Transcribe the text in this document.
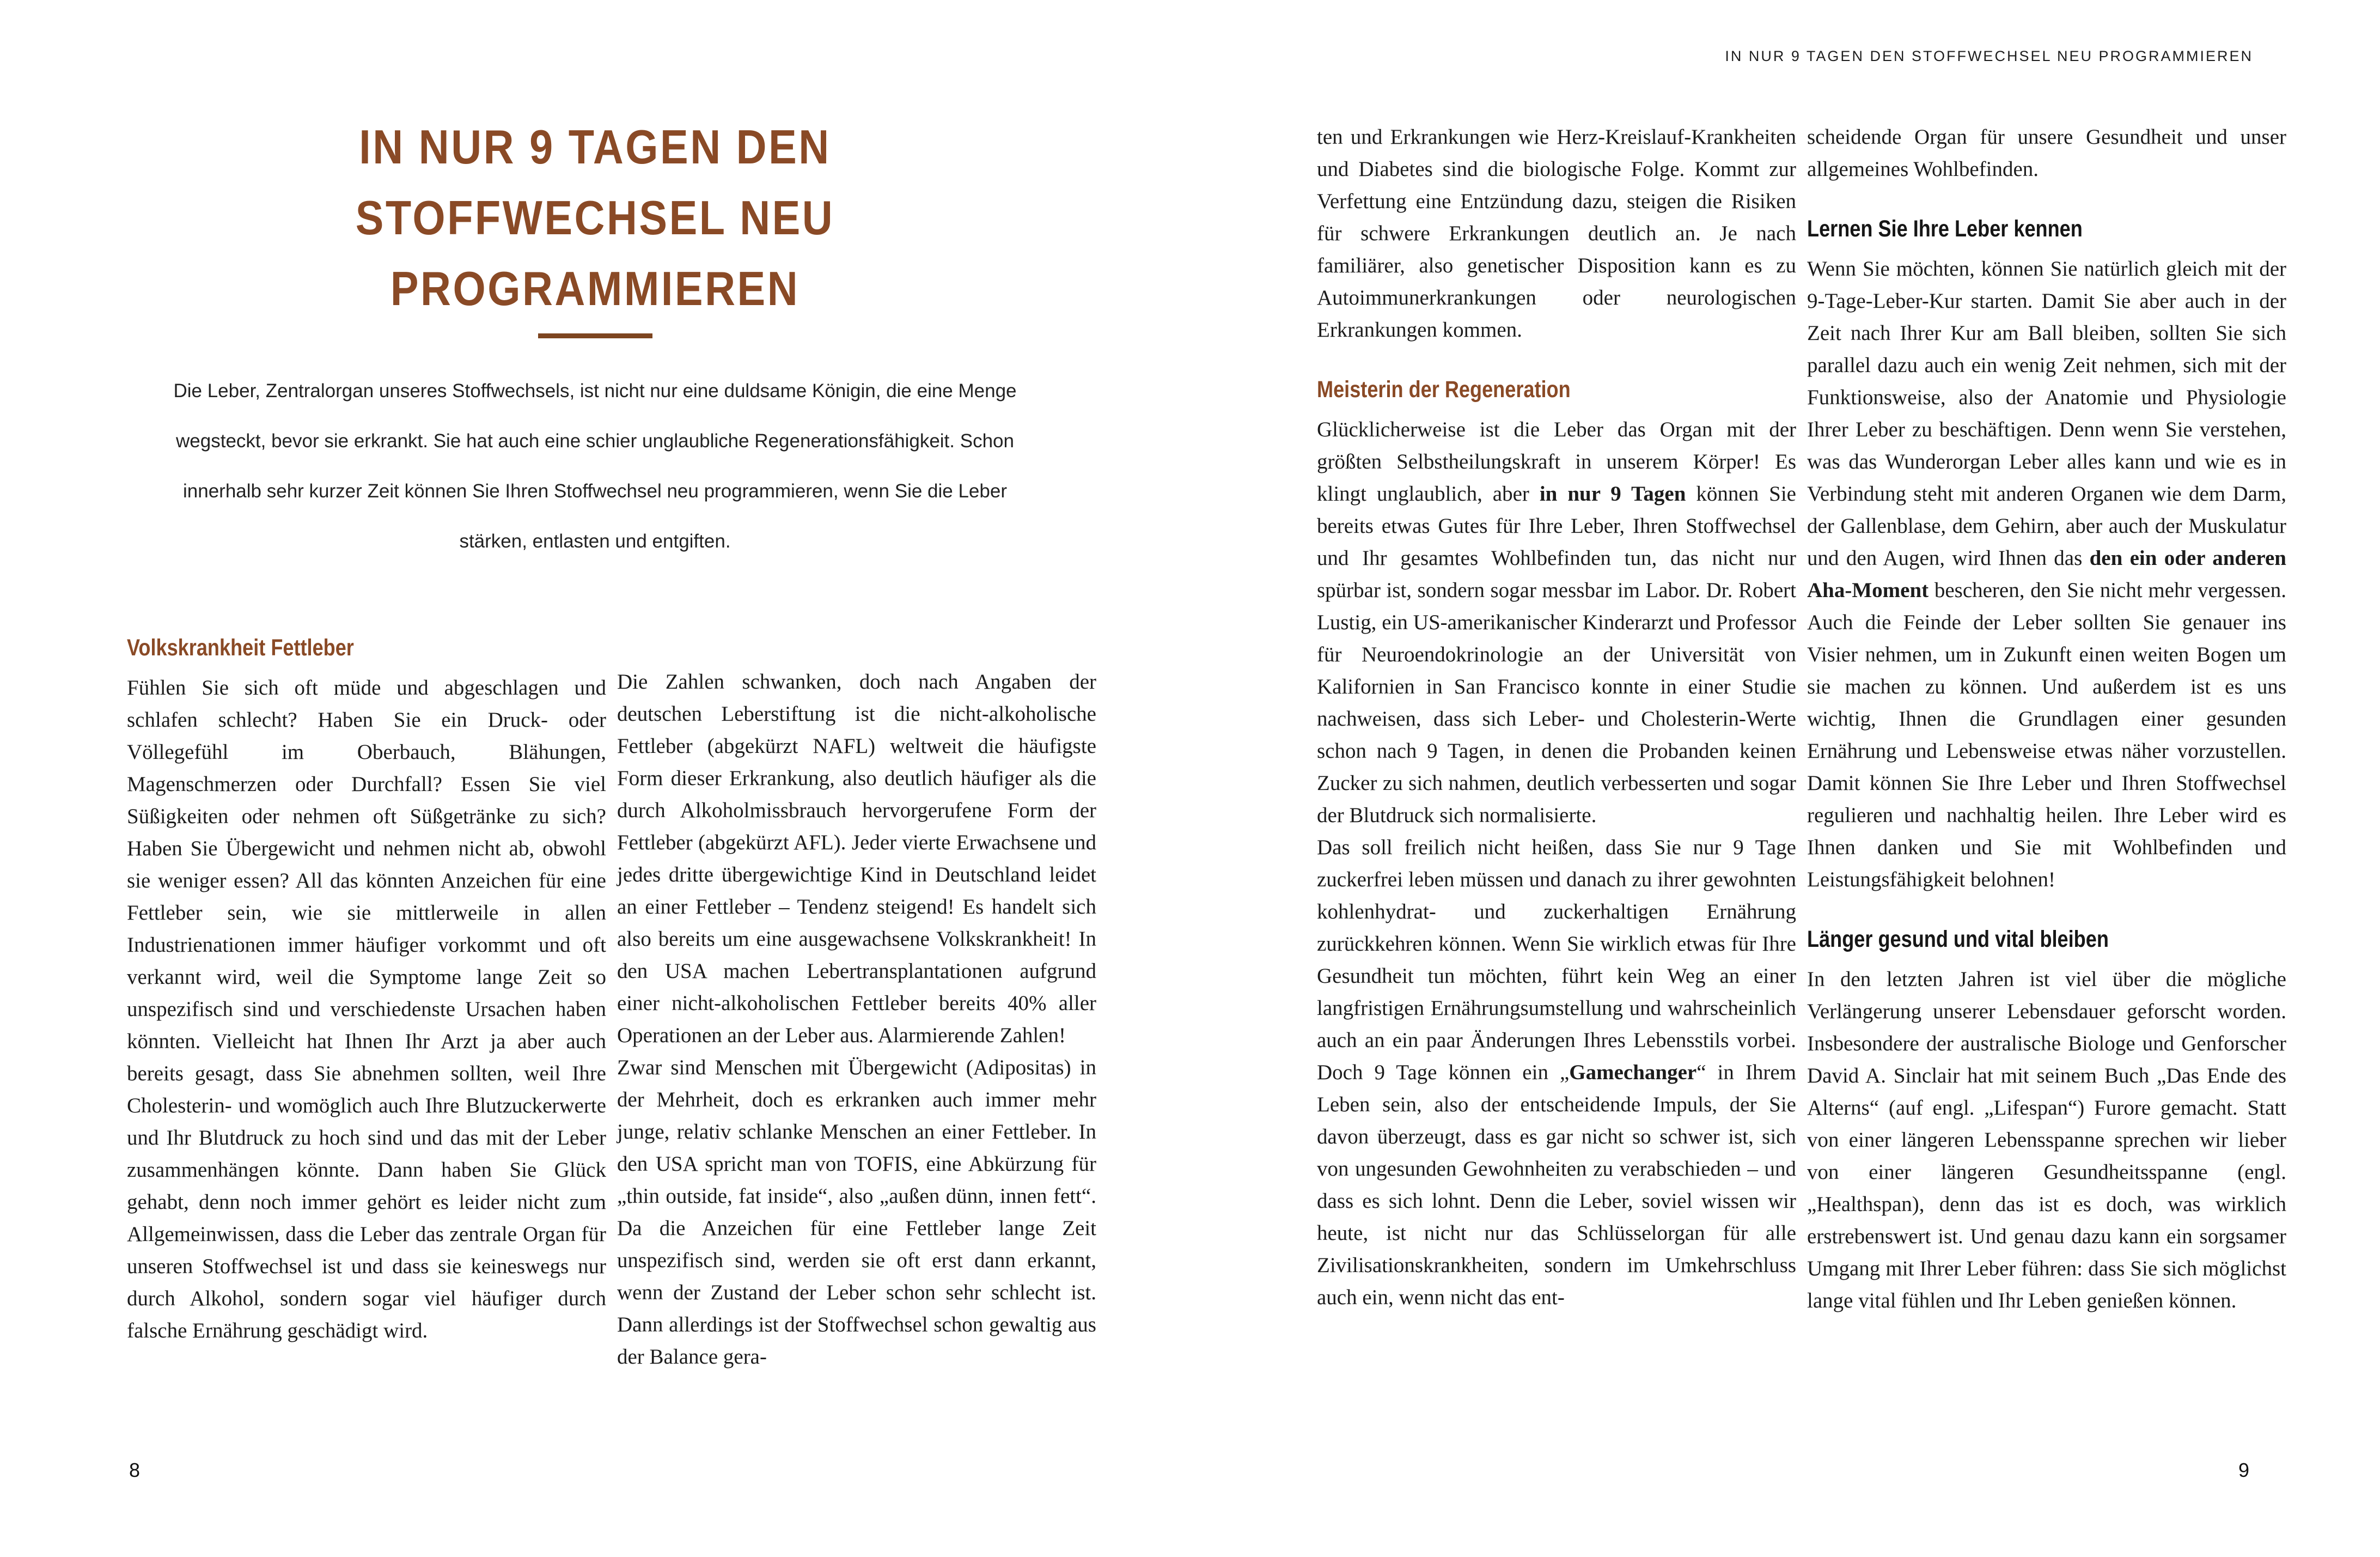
IN NUR 9 TAGEN DEN STOFFWECHSEL NEU PROGRAMMIEREN
IN NUR 9 TAGEN DEN
STOFFWECHSEL NEU
PROGRAMMIEREN

Die Leber, Zentralorgan unseres Stoffwechsels, ist nicht nur eine duldsame Königin, die eine Menge wegsteckt, bevor sie erkrankt. Sie hat auch eine schier unglaubliche Regenerationsfähigkeit. Schon innerhalb sehr kurzer Zeit können Sie Ihren Stoffwechsel neu programmieren, wenn Sie die Leber stärken, entlasten und entgiften.

Volkskrankheit Fettleber

Fühlen Sie sich oft müde und abgeschlagen und schlafen schlecht? Haben Sie ein Druck- oder Völlegefühl im Oberbauch, Blähungen, Magenschmerzen oder Durchfall? Essen Sie viel Süßigkeiten oder nehmen oft Süßgetränke zu sich? Haben Sie Übergewicht und nehmen nicht ab, obwohl sie weniger essen? All das könnten Anzeichen für eine Fettleber sein, wie sie mittlerweile in allen Industrienationen immer häufiger vorkommt und oft verkannt wird, weil die Symptome lange Zeit so unspezifisch sind und verschiedenste Ursachen haben könnten. Vielleicht hat Ihnen Ihr Arzt ja aber auch bereits gesagt, dass Sie abnehmen sollten, weil Ihre Cholesterin- und womöglich auch Ihre Blutzuckerwerte und Ihr Blutdruck zu hoch sind und das mit der Leber zusammenhängen könnte. Dann haben Sie Glück gehabt, denn noch immer gehört es leider nicht zum Allgemeinwissen, dass die Leber das zentrale Organ für unseren Stoffwechsel ist und dass sie keineswegs nur durch Alkohol, sondern sogar viel häufiger durch falsche Ernährung geschädigt wird.

Die Zahlen schwanken, doch nach Angaben der deutschen Leberstiftung ist die nicht-alkoholische Fettleber (abgekürzt NAFL) weltweit die häufigste Form dieser Erkrankung, also deutlich häufiger als die durch Alkoholmissbrauch hervorgerufene Form der Fettleber (abgekürzt AFL). Jeder vierte Erwachsene und jedes dritte übergewichtige Kind in Deutschland leidet an einer Fettleber – Tendenz steigend! Es handelt sich also bereits um eine ausgewachsene Volkskrankheit! In den USA machen Lebertransplantationen aufgrund einer nicht-alkoholischen Fettleber bereits 40% aller Operationen an der Leber aus. Alarmierende Zahlen!

Zwar sind Menschen mit Übergewicht (Adipositas) in der Mehrheit, doch es erkranken auch immer mehr junge, relativ schlanke Menschen an einer Fettleber. In den USA spricht man von TOFIS, eine Abkürzung für „thin outside, fat inside“, also „außen dünn, innen fett“. Da die Anzeichen für eine Fettleber lange Zeit unspezifisch sind, werden sie oft erst dann erkannt, wenn der Zustand der Leber schon sehr schlecht ist. Dann allerdings ist der Stoffwechsel schon gewaltig aus der Balance gera-

8

ten und Erkrankungen wie Herz-Kreislauf-Krankheiten und Diabetes sind die biologische Folge. Kommt zur Verfettung eine Entzündung dazu, steigen die Risiken für schwere Erkrankungen deutlich an. Je nach familiärer, also genetischer Disposition kann es zu Autoimmunerkrankungen oder neurologischen Erkrankungen kommen.

Meisterin der Regeneration

Glücklicherweise ist die Leber das Organ mit der größten Selbstheilungskraft in unserem Körper! Es klingt unglaublich, aber in nur 9 Tagen können Sie bereits etwas Gutes für Ihre Leber, Ihren Stoffwechsel und Ihr gesamtes Wohlbefinden tun, das nicht nur spürbar ist, sondern sogar messbar im Labor. Dr. Robert Lustig, ein US-amerikanischer Kinderarzt und Professor für Neuroendokrinologie an der Universität von Kalifornien in San Francisco konnte in einer Studie nachweisen, dass sich Leber- und Cholesterin-Werte schon nach 9 Tagen, in denen die Probanden keinen Zucker zu sich nahmen, deutlich verbesserten und sogar der Blutdruck sich normalisierte.

Das soll freilich nicht heißen, dass Sie nur 9 Tage zuckerfrei leben müssen und danach zu ihrer gewohnten kohlenhydrat- und zuckerhaltigen Ernährung zurückkehren können. Wenn Sie wirklich etwas für Ihre Gesundheit tun möchten, führt kein Weg an einer langfristigen Ernährungsumstellung und wahrscheinlich auch an ein paar Änderungen Ihres Lebensstils vorbei. Doch 9 Tage können ein „Gamechanger“ in Ihrem Leben sein, also der entscheidende Impuls, der Sie davon überzeugt, dass es gar nicht so schwer ist, sich von ungesunden Gewohnheiten zu verabschieden – und dass es sich lohnt. Denn die Leber, soviel wissen wir heute, ist nicht nur das Schlüsselorgan für alle Zivilisationskrankheiten, sondern im Umkehrschluss auch ein, wenn nicht das ent-

scheidende Organ für unsere Gesundheit und unser allgemeines Wohlbefinden.

Lernen Sie Ihre Leber kennen

Wenn Sie möchten, können Sie natürlich gleich mit der 9-Tage-Leber-Kur starten. Damit Sie aber auch in der Zeit nach Ihrer Kur am Ball bleiben, sollten Sie sich parallel dazu auch ein wenig Zeit nehmen, sich mit der Funktionsweise, also der Anatomie und Physiologie Ihrer Leber zu beschäftigen. Denn wenn Sie verstehen, was das Wunderorgan Leber alles kann und wie es in Verbindung steht mit anderen Organen wie dem Darm, der Gallenblase, dem Gehirn, aber auch der Muskulatur und den Augen, wird Ihnen das den ein oder anderen Aha-Moment bescheren, den Sie nicht mehr vergessen. Auch die Feinde der Leber sollten Sie genauer ins Visier nehmen, um in Zukunft einen weiten Bogen um sie machen zu können. Und außerdem ist es uns wichtig, Ihnen die Grundlagen einer gesunden Ernährung und Lebensweise etwas näher vorzustellen. Damit können Sie Ihre Leber und Ihren Stoffwechsel regulieren und nachhaltig heilen. Ihre Leber wird es Ihnen danken und Sie mit Wohlbefinden und Leistungsfähigkeit belohnen!

Länger gesund und vital bleiben

In den letzten Jahren ist viel über die mögliche Verlängerung unserer Lebensdauer geforscht worden. Insbesondere der australische Biologe und Genforscher David A. Sinclair hat mit seinem Buch „Das Ende des Alterns“ (auf engl. „Lifespan“) Furore gemacht. Statt von einer längeren Lebensspanne sprechen wir lieber von einer längeren Gesundheitsspanne (engl. „Healthspan), denn das ist es doch, was wirklich erstrebenswert ist. Und genau dazu kann ein sorgsamer Umgang mit Ihrer Leber führen: dass Sie sich möglichst lange vital fühlen und Ihr Leben genießen können.

9
